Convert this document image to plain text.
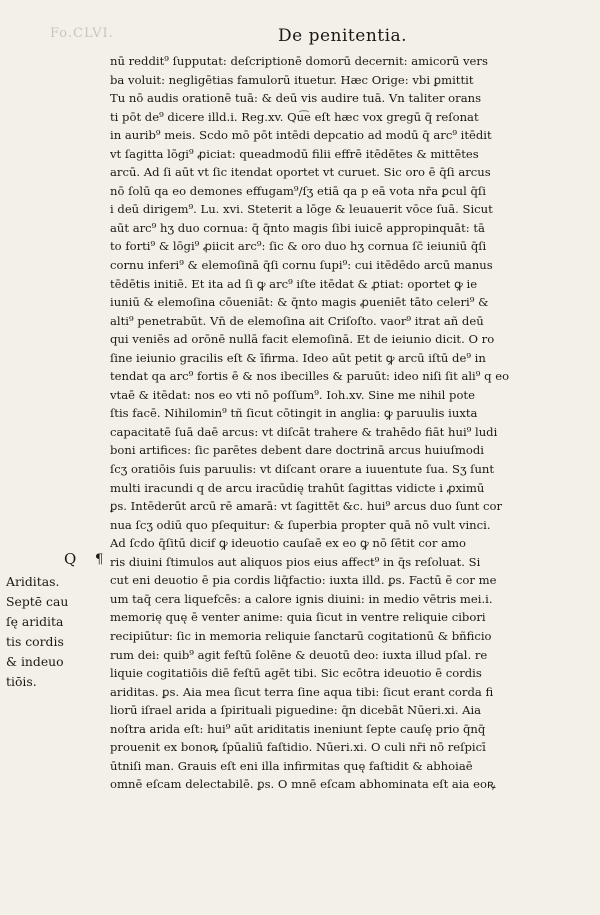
Fo.CLVI.	De penitentia.
nū reddit⁹ ſupputat: deſcriptionē domorū decernit: amicorū vers
ba voluit: negligētias famulorū ituetur. Hæc Orige: vbi ꝑmittit
Tu nō audis orationē tuā: & deū vis audire tuā. Vn taliter orans
ti pōt de⁹ dicere illd.i. Reg.xv. Qu͡e eſt hæc vox gregū q̄ reſonat
in aurib⁹ meis. Scdo mō pōt intēdi depcatio ad modū q̄ arc⁹ itēdit
vt ſagitta lōgi⁹ ꝓiciat: queadmodū filii effrē itēdētes & mittētes
arcū. Ad ſi aūt vt ſic itendat oportet vt curuet. Sic oro ē q̄ſi arcus
nō ſolū qa eo demones effugam⁹/ſʒ etiā qa p eā vota nr̄a ꝑcul q̄ſi
i deū dirigem⁹. Lu. xvi. Steterit a lōge & leuauerit vōce ſuā. Sicut
aūt arc⁹ hʒ duo cornua: q̄ q̄nto magis ſibi iuicē appropinquāt: tā
to forti⁹ & lōgi⁹ ꝓiicit arc⁹: ſic & oro duo hʒ cornua ſc̄ ieiuniū q̄ſi
cornu inferi⁹ & elemoſinā q̄ſi cornu ſupi⁹: cui itēdēdo arcū manus
tēdētis initiē. Et ita ad ſi ꝙ arc⁹ iſte itēdat & ꝓtiat: oportet ꝙ ie
iuniū & elemoſina cōueniāt: & q̄nto magis ꝓueniēt tāto celeri⁹ &
alti⁹ penetrabūt. Vn̄ de elemoſina ait Criſoſto. vaor⁹ itrat añ deū
qui veniēs ad orōnē nullā facit elemoſinā. Et de ieiunio dicit. O ro
ſine ieiunio gracilis eſt & īfirma. Ideo aūt petit ꝙ arcū iſtū de⁹ in
tendat qa arc⁹ fortis ē & nos ibecilles & paruūt: ideo niſi ſit ali⁹ q eo
vtaē & itēdat: nos eo vti nō poſſum⁹. Ioh.xv. Sine me nihil pote
ſtis facē. Nihilomin⁹ tñ ſicut cōtingit in anglia: ꝙ paruulis iuxta
capacitatē ſuā daē arcus: vt diſcāt trahere & trahēdo fiāt hui⁹ ludi
boni artifices: ſic parētes debent dare doctrinā arcus huiuſmodi
ſcʒ oratiōis ſuis paruulis: vt diſcant orare a iuuentute ſua. Sʒ ſunt
multi iracundi q de arcu iracūdię trahūt ſagittas vidicte i ꝓximū
ꝑs. Intēderūt arcū rē amarā: vt ſagittēt &c. hui⁹ arcus duo ſunt cor
nua ſcʒ odiū quo pſequitur: & ſuperbia propter quā nō vult vinci.
Ad ſcdo q̄ſitū dicif ꝙ ideuotio cauſaē ex eo ꝙ nō ſētit cor amo
ris diuini ſtimulos aut aliquos pios eius affect⁹ in q̄s reſoluat. Si
cut eni deuotio ē pia cordis liq̄factio: iuxta illd. ꝑs. Factū ē cor me
um taq̄ cera liquefcēs: a calore ignis diuini: in medio vētris mei.i.
memorię quę ē venter anime: quia ſicut in ventre reliquie cibori
recipiūtur: ſic in memoria reliquie ſanctarū cogitationū & bñficio
rum dei: quib⁹ agit feſtū ſolēne & deuotū deo: iuxta illud pſal. re
liquie cogitatiōis diē feſtū agēt tibi. Sic ecōtra ideuotio ē cordis
ariditas. ꝑs. Aia mea ſicut terra ſine aqua tibi: ſicut erant corda fi
liorū iſrael arida a ſpirituali piguedine: q̄n dicebāt Nūeri.xi. Aia
noſtra arida eſt: hui⁹ aūt ariditatis ineniunt ſepte cauſę prio q̄nq̄
prouenit ex bonoꝶ ſpūaliū faſtidio. Nūeri.xi. O culi nr̄i nō reſpicī
ūtniſi man. Grauis eſt eni illa infirmitas quę faſtidit & abhoiaē
omnē eſcam delectabilē. ꝑs. O mnē eſcam abhominata eſt aia eoꝶ
Q
Ariditas.
Septē cau
ſę aridita
tis cordis
& indeuo
tiōis.
¶
